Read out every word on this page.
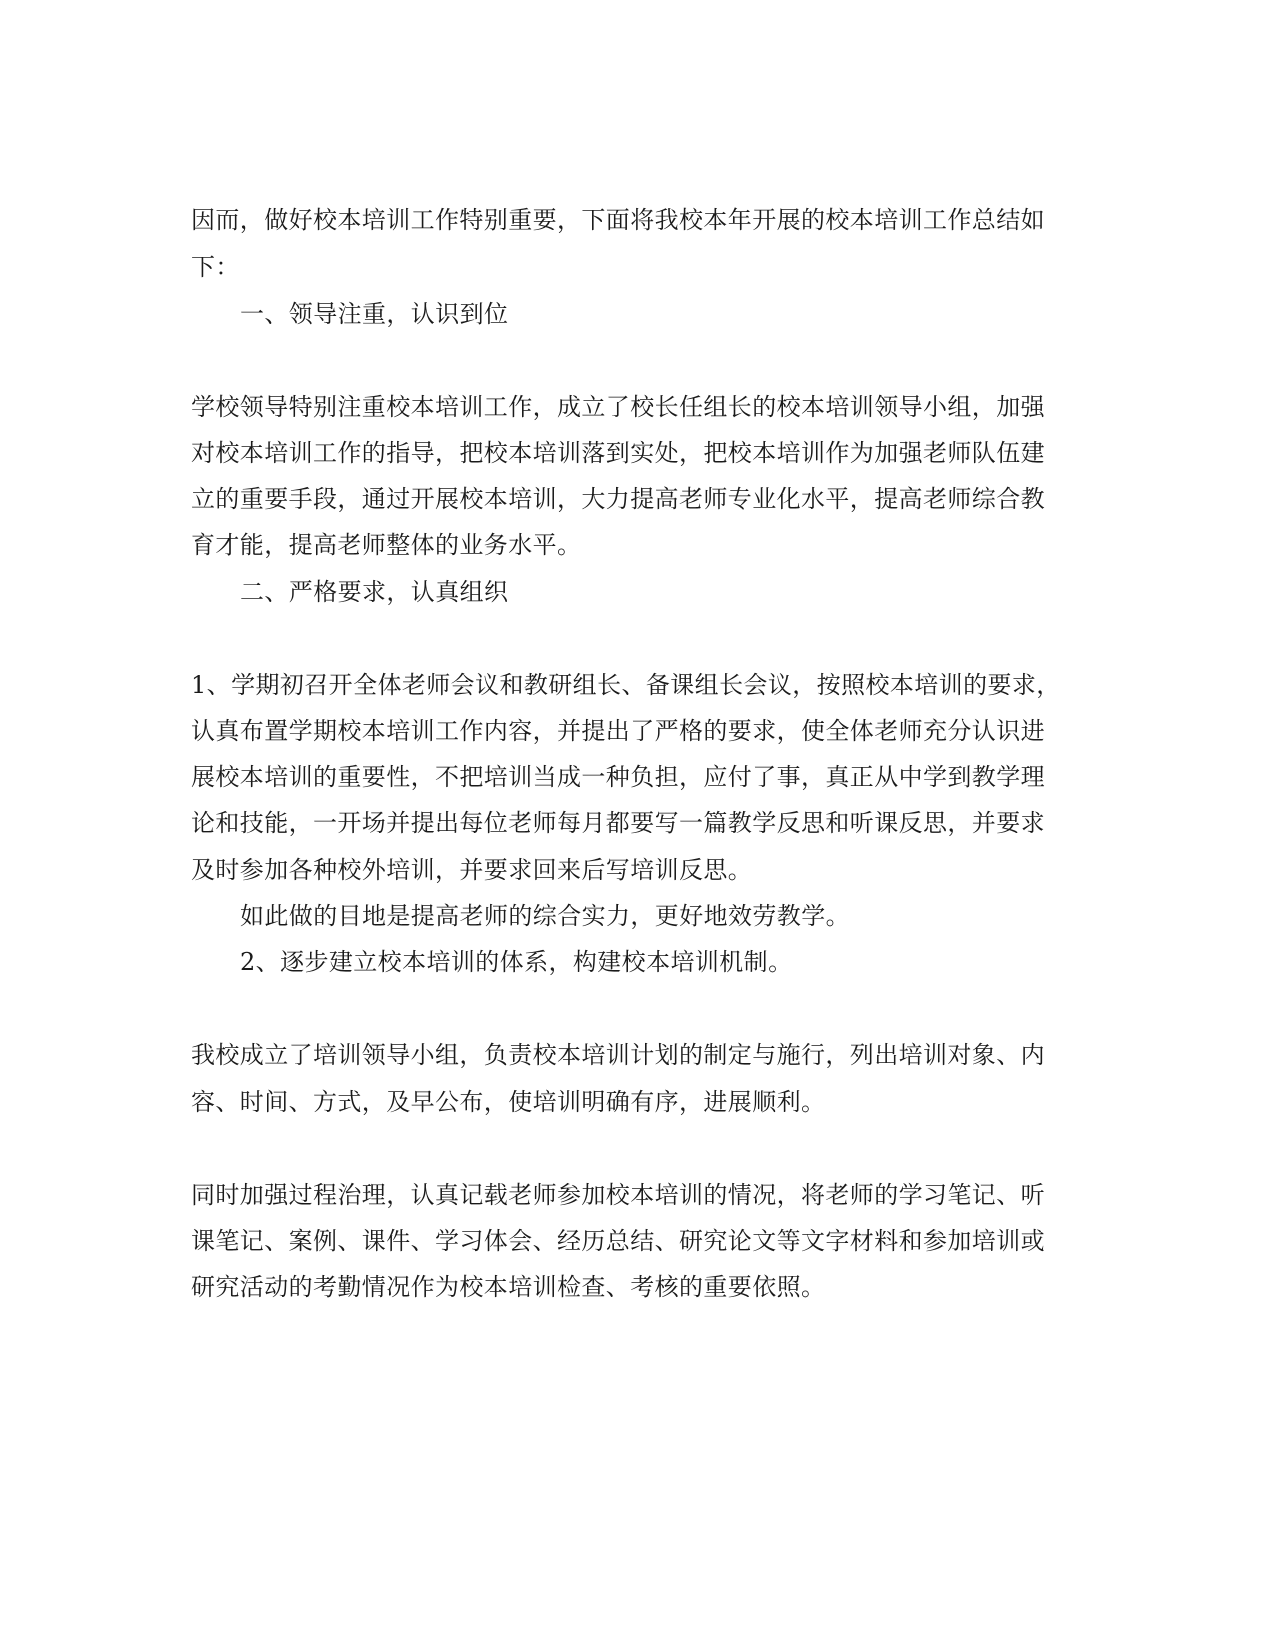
因而，做好校本培训工作特别重要，下面将我校本年开展的校本培训工作总结如
下：
一、领导注重，认识到位
学校领导特别注重校本培训工作，成立了校长任组长的校本培训领导小组，加强
对校本培训工作的指导，把校本培训落到实处，把校本培训作为加强老师队伍建
立的重要手段，通过开展校本培训，大力提高老师专业化水平，提高老师综合教
育才能，提高老师整体的业务水平。
二、严格要求，认真组织
1、学期初召开全体老师会议和教研组长、备课组长会议，按照校本培训的要求，
认真布置学期校本培训工作内容，并提出了严格的要求，使全体老师充分认识进
展校本培训的重要性，不把培训当成一种负担，应付了事，真正从中学到教学理
论和技能，一开场并提出每位老师每月都要写一篇教学反思和听课反思，并要求
及时参加各种校外培训，并要求回来后写培训反思。
如此做的目地是提高老师的综合实力，更好地效劳教学。
2、逐步建立校本培训的体系，构建校本培训机制。
我校成立了培训领导小组，负责校本培训计划的制定与施行，列出培训对象、内
容、时间、方式，及早公布，使培训明确有序，进展顺利。
同时加强过程治理，认真记载老师参加校本培训的情况，将老师的学习笔记、听
课笔记、案例、课件、学习体会、经历总结、研究论文等文字材料和参加培训或
研究活动的考勤情况作为校本培训检查、考核的重要依照。
